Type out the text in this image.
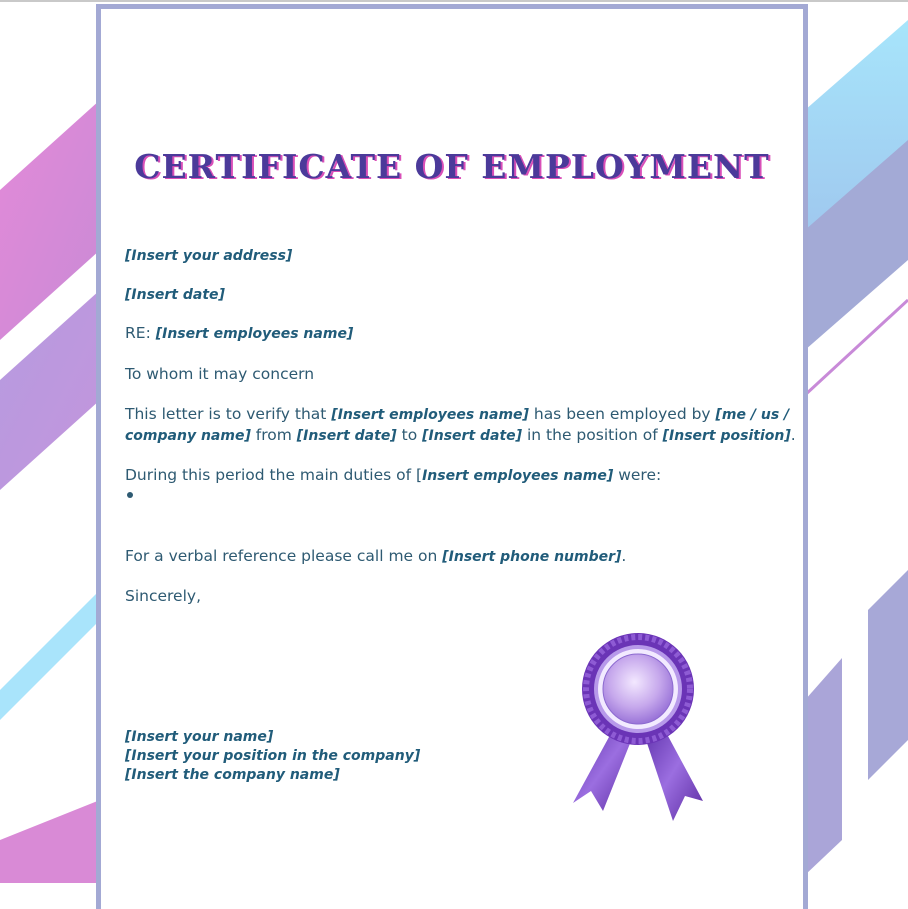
CERTIFICATE OF EMPLOYMENT
[Insert your address]
[Insert date]
RE: [Insert employees name]
To whom it may concern
This letter is to verify that [Insert employees name] has been employed by [me / us /
company name] from [Insert date] to [Insert date] in the position of [Insert position].
During this period the main duties of [Insert employees name] were:
For a verbal reference please call me on [Insert phone number].
Sincerely,
[Insert your name]
[Insert your position in the company]
[Insert the company name]
